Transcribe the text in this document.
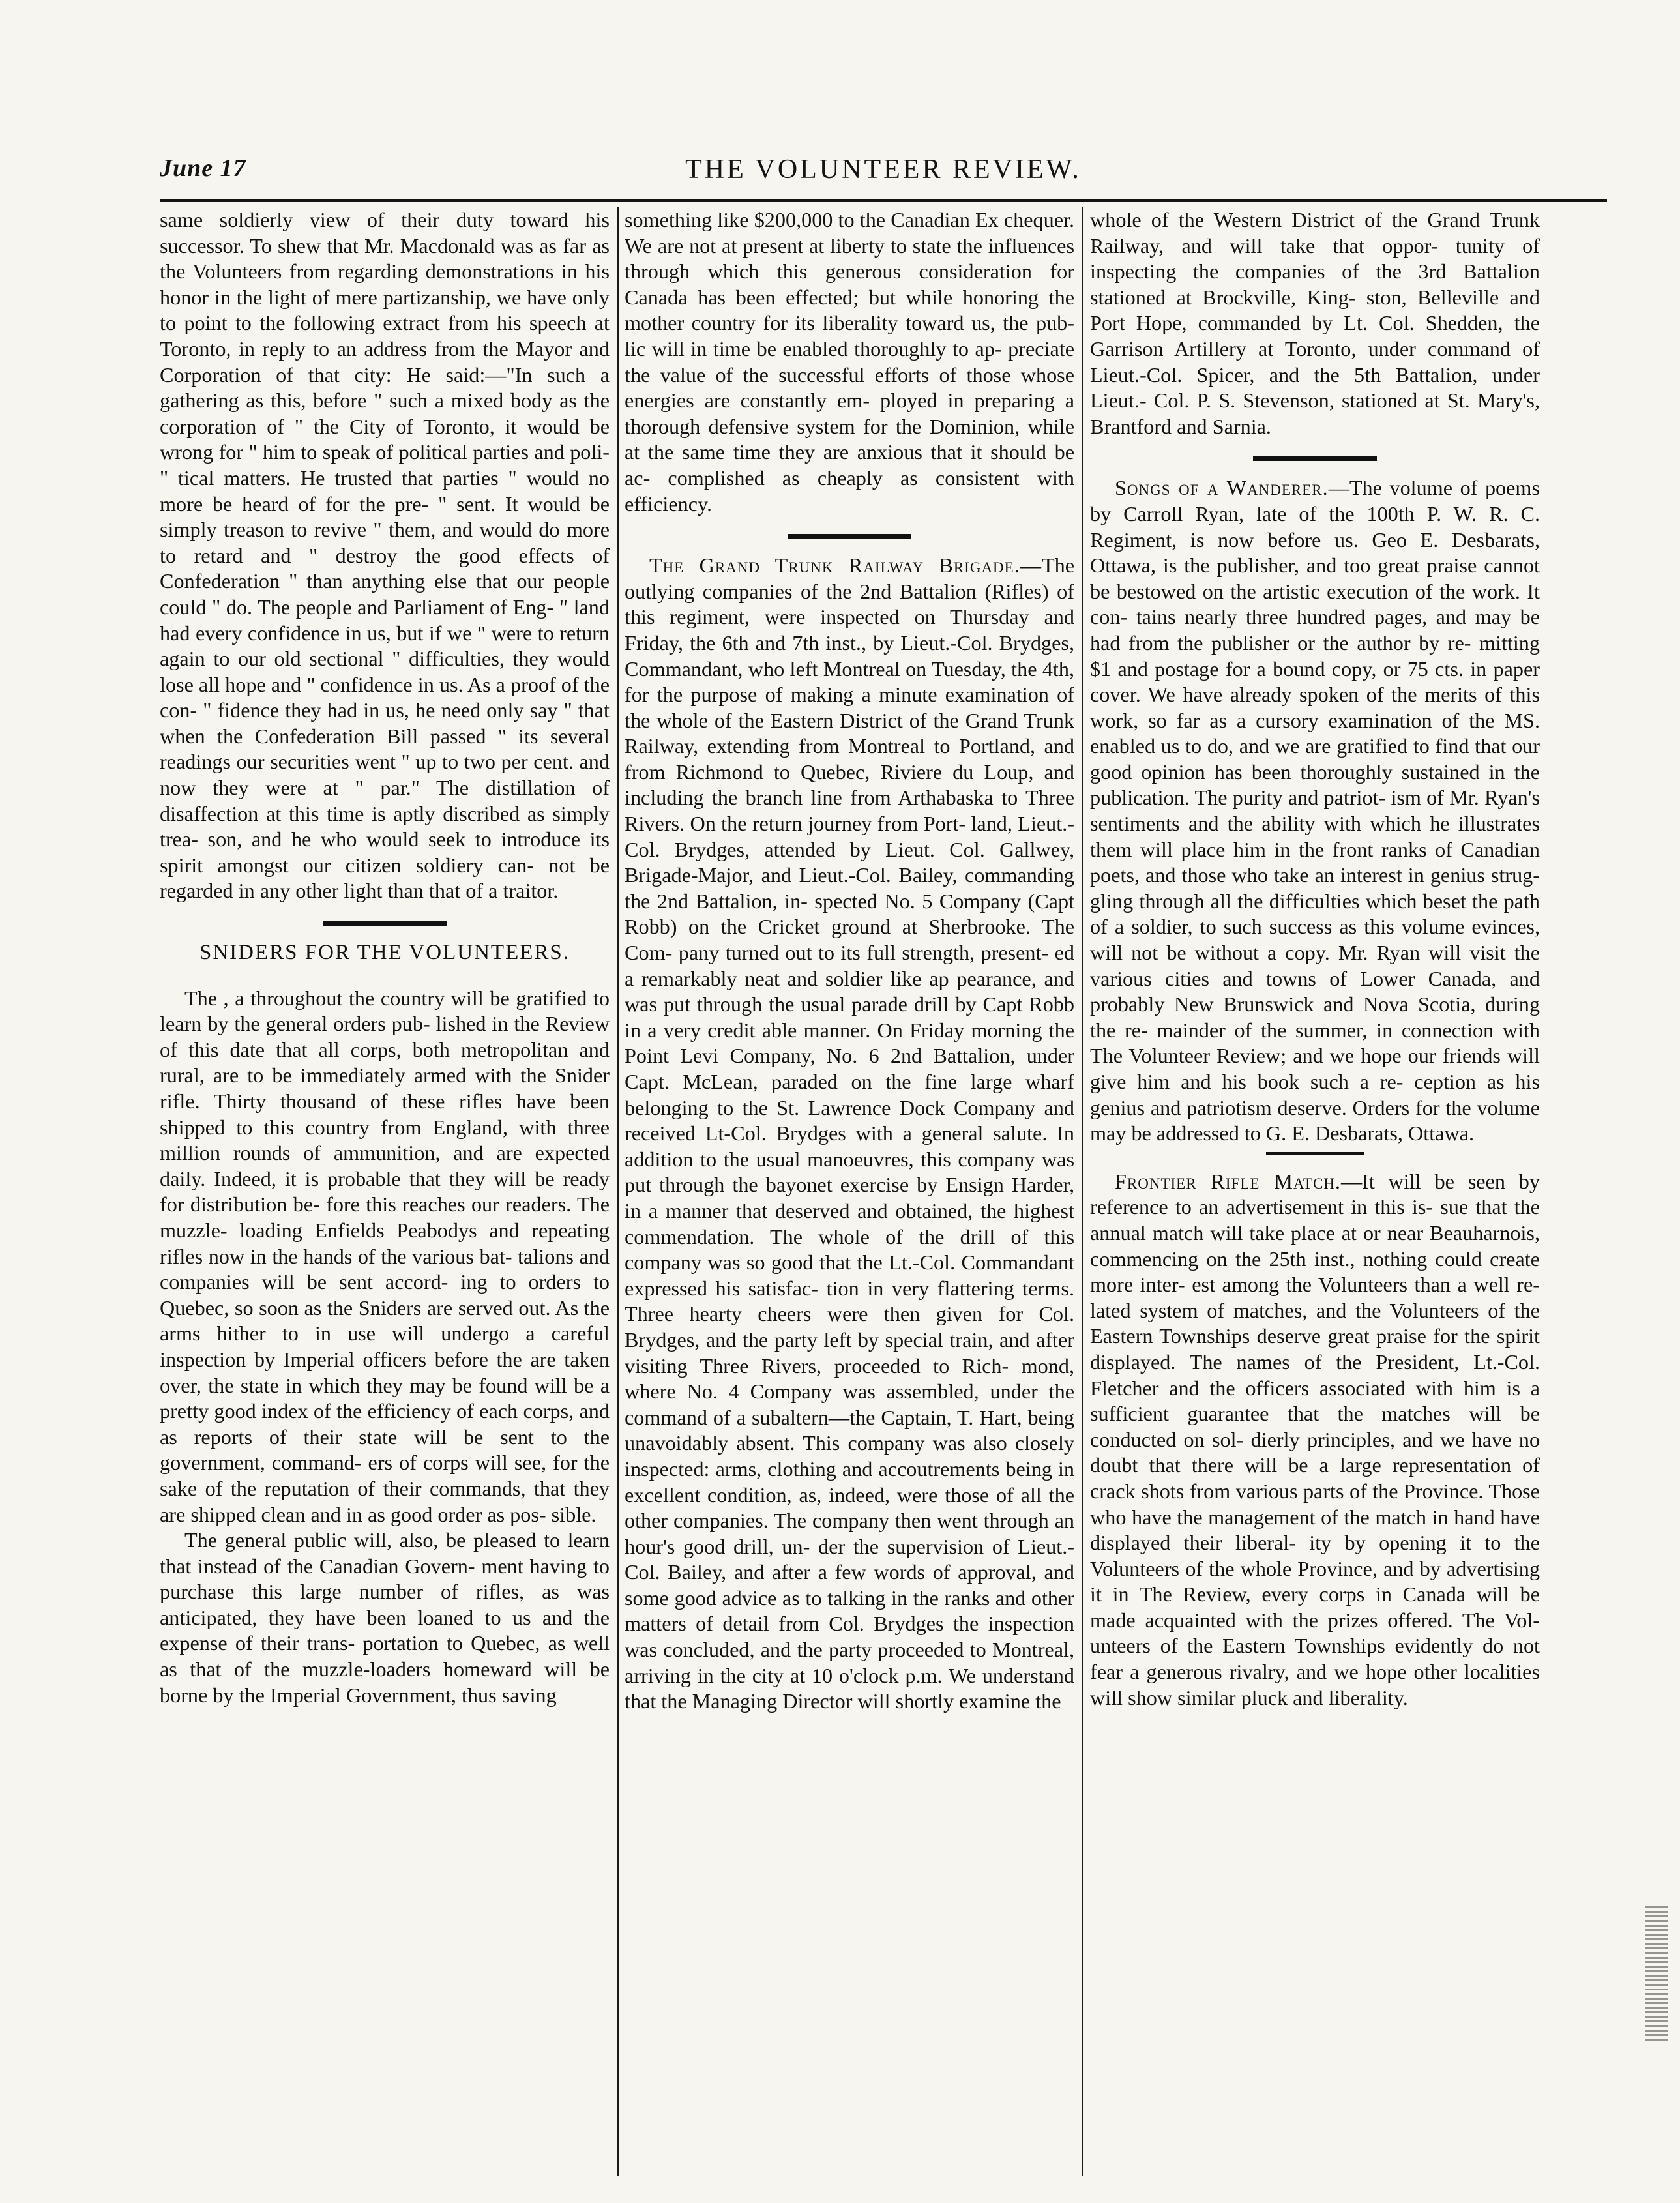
June 17	THE VOLUNTEER REVIEW.

same soldierly view of their duty toward his successor. To shew that Mr. Macdonald was as far as the Volunteers from regarding demonstrations in his honor in the light of mere partizanship, we have only to point to the following extract from his speech at Toronto, in reply to an address from the Mayor and Corporation of that city: He said:—"In such a gathering as this, before " such a mixed body as the corporation of " the City of Toronto, it would be wrong for " him to speak of political parties and poli- " tical matters. He trusted that parties " would no more be heard of for the pre- " sent. It would be simply treason to revive " them, and would do more to retard and " destroy the good effects of Confederation " than anything else that our people could " do. The people and Parliament of Eng- " land had every confidence in us, but if we " were to return again to our old sectional " difficulties, they would lose all hope and " confidence in us. As a proof of the con- " fidence they had in us, he need only say " that when the Confederation Bill passed " its several readings our securities went " up to two per cent. and now they were at " par." The distillation of disaffection at this time is aptly discribed as simply trea- son, and he who would seek to introduce its spirit amongst our citizen soldiery can- not be regarded in any other light than that of a traitor.

SNIDERS FOR THE VOLUNTEERS.

The , a throughout the country will be gratified to learn by the general orders pub- lished in the Review of this date that all corps, both metropolitan and rural, are to be immediately armed with the Snider rifle. Thirty thousand of these rifles have been shipped to this country from England, with three million rounds of ammunition, and are expected daily. Indeed, it is probable that they will be ready for distribution be- fore this reaches our readers. The muzzle- loading Enfields Peabodys and repeating rifles now in the hands of the various bat- talions and companies will be sent accord- ing to orders to Quebec, so soon as the Sniders are served out. As the arms hither to in use will undergo a careful inspection by Imperial officers before the are taken over, the state in which they may be found will be a pretty good index of the efficiency of each corps, and as reports of their state will be sent to the government, command- ers of corps will see, for the sake of the reputation of their commands, that they are shipped clean and in as good order as pos- sible.

The general public will, also, be pleased to learn that instead of the Canadian Govern- ment having to purchase this large number of rifles, as was anticipated, they have been loaned to us and the expense of their trans- portation to Quebec, as well as that of the muzzle-loaders homeward will be borne by the Imperial Government, thus saving

something like $200,000 to the Canadian Ex chequer. We are not at present at liberty to state the influences through which this generous consideration for Canada has been effected; but while honoring the mother country for its liberality toward us, the pub- lic will in time be enabled thoroughly to ap- preciate the value of the successful efforts of those whose energies are constantly em- ployed in preparing a thorough defensive system for the Dominion, while at the same time they are anxious that it should be ac- complished as cheaply as consistent with efficiency.

The Grand Trunk Railway Brigade.—The outlying companies of the 2nd Battalion (Rifles) of this regiment, were inspected on Thursday and Friday, the 6th and 7th inst., by Lieut.-Col. Brydges, Commandant, who left Montreal on Tuesday, the 4th, for the purpose of making a minute examination of the whole of the Eastern District of the Grand Trunk Railway, extending from Montreal to Portland, and from Richmond to Quebec, Riviere du Loup, and including the branch line from Arthabaska to Three Rivers. On the return journey from Port- land, Lieut.-Col. Brydges, attended by Lieut. Col. Gallwey, Brigade-Major, and Lieut.-Col. Bailey, commanding the 2nd Battalion, in- spected No. 5 Company (Capt Robb) on the Cricket ground at Sherbrooke. The Com- pany turned out to its full strength, present- ed a remarkably neat and soldier like ap pearance, and was put through the usual parade drill by Capt Robb in a very credit able manner. On Friday morning the Point Levi Company, No. 6 2nd Battalion, under Capt. McLean, paraded on the fine large wharf belonging to the St. Lawrence Dock Company and received Lt-Col. Brydges with a general salute. In addition to the usual manoeuvres, this company was put through the bayonet exercise by Ensign Harder, in a manner that deserved and obtained, the highest commendation. The whole of the drill of this company was so good that the Lt.-Col. Commandant expressed his satisfac- tion in very flattering terms. Three hearty cheers were then given for Col. Brydges, and the party left by special train, and after visiting Three Rivers, proceeded to Rich- mond, where No. 4 Company was assembled, under the command of a subaltern—the Captain, T. Hart, being unavoidably absent. This company was also closely inspected: arms, clothing and accoutrements being in excellent condition, as, indeed, were those of all the other companies. The company then went through an hour's good drill, un- der the supervision of Lieut.-Col. Bailey, and after a few words of approval, and some good advice as to talking in the ranks and other matters of detail from Col. Brydges the inspection was concluded, and the party proceeded to Montreal, arriving in the city at 10 o'clock p.m. We understand that the Managing Director will shortly examine the

whole of the Western District of the Grand Trunk Railway, and will take that oppor- tunity of inspecting the companies of the 3rd Battalion stationed at Brockville, King- ston, Belleville and Port Hope, commanded by Lt. Col. Shedden, the Garrison Artillery at Toronto, under command of Lieut.-Col. Spicer, and the 5th Battalion, under Lieut.- Col. P. S. Stevenson, stationed at St. Mary's, Brantford and Sarnia.

Songs of a Wanderer.—The volume of poems by Carroll Ryan, late of the 100th P. W. R. C. Regiment, is now before us. Geo E. Desbarats, Ottawa, is the publisher, and too great praise cannot be bestowed on the artistic execution of the work. It con- tains nearly three hundred pages, and may be had from the publisher or the author by re- mitting $1 and postage for a bound copy, or 75 cts. in paper cover. We have already spoken of the merits of this work, so far as a cursory examination of the MS. enabled us to do, and we are gratified to find that our good opinion has been thoroughly sustained in the publication. The purity and patriot- ism of Mr. Ryan's sentiments and the ability with which he illustrates them will place him in the front ranks of Canadian poets, and those who take an interest in genius strug- gling through all the difficulties which beset the path of a soldier, to such success as this volume evinces, will not be without a copy. Mr. Ryan will visit the various cities and towns of Lower Canada, and probably New Brunswick and Nova Scotia, during the re- mainder of the summer, in connection with The Volunteer Review; and we hope our friends will give him and his book such a re- ception as his genius and patriotism deserve. Orders for the volume may be addressed to G. E. Desbarats, Ottawa.

Frontier Rifle Match.—It will be seen by reference to an advertisement in this is- sue that the annual match will take place at or near Beauharnois, commencing on the 25th inst., nothing could create more inter- est among the Volunteers than a well re- lated system of matches, and the Volunteers of the Eastern Townships deserve great praise for the spirit displayed. The names of the President, Lt.-Col. Fletcher and the officers associated with him is a sufficient guarantee that the matches will be conducted on sol- dierly principles, and we have no doubt that there will be a large representation of crack shots from various parts of the Province. Those who have the management of the match in hand have displayed their liberal- ity by opening it to the Volunteers of the whole Province, and by advertising it in The Review, every corps in Canada will be made acquainted with the prizes offered. The Vol- unteers of the Eastern Townships evidently do not fear a generous rivalry, and we hope other localities will show similar pluck and liberality.
